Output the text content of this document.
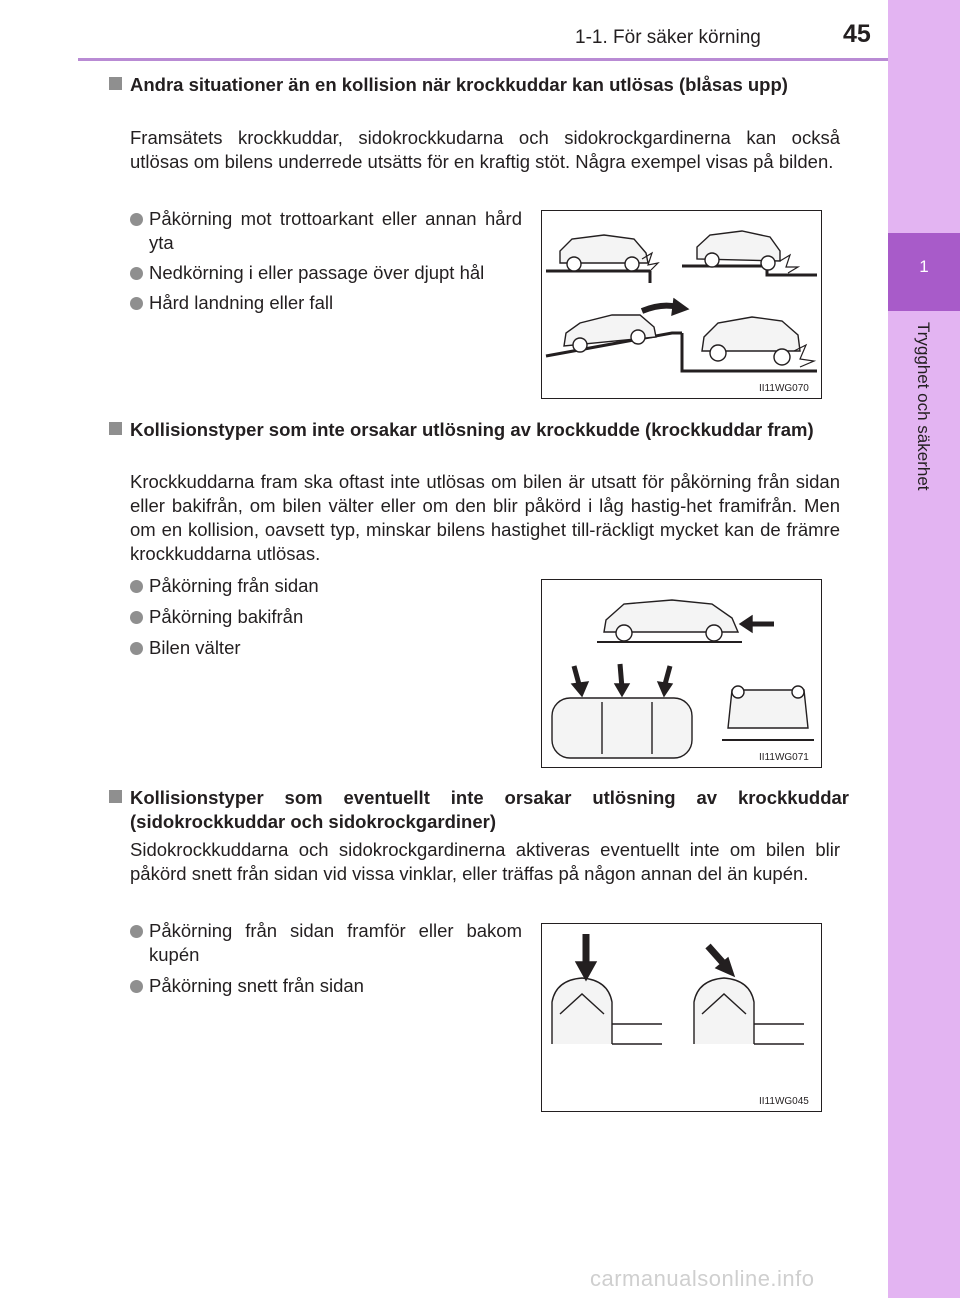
1-1. För säker körning	45
1
Trygghet och säkerhet
Andra situationer än en kollision när krockkuddar kan utlösas (blåsas upp)
Framsätets krockkuddar, sidokrockkudarna och sidokrockgardinerna kan också utlösas om bilens underrede utsätts för en kraftig stöt. Några exempel visas på bilden.
Påkörning mot trottoarkant eller annan hård yta
Nedkörning i eller passage över djupt hål
Hård landning eller fall
II11WG070
Kollisionstyper som inte orsakar utlösning av krockkudde (krockkuddar fram)
Krockkuddarna fram ska oftast inte utlösas om bilen är utsatt för påkörning från sidan eller bakifrån, om bilen välter eller om den blir påkörd i låg hastig-het framifrån. Men om en kollision, oavsett typ, minskar bilens hastighet till-räckligt mycket kan de främre krockkuddarna utlösas.
Påkörning från sidan
Påkörning bakifrån
Bilen välter
II11WG071
Kollisionstyper som eventuellt inte orsakar utlösning av krockkuddar (sidokrockkuddar och sidokrockgardiner)
Sidokrockkuddarna och sidokrockgardinerna aktiveras eventuellt inte om bilen blir påkörd snett från sidan vid vissa vinklar, eller träffas på någon annan del än kupén.
Påkörning från sidan framför eller bakom kupén
Påkörning snett från sidan
II11WG045
carmanualsonline.info
